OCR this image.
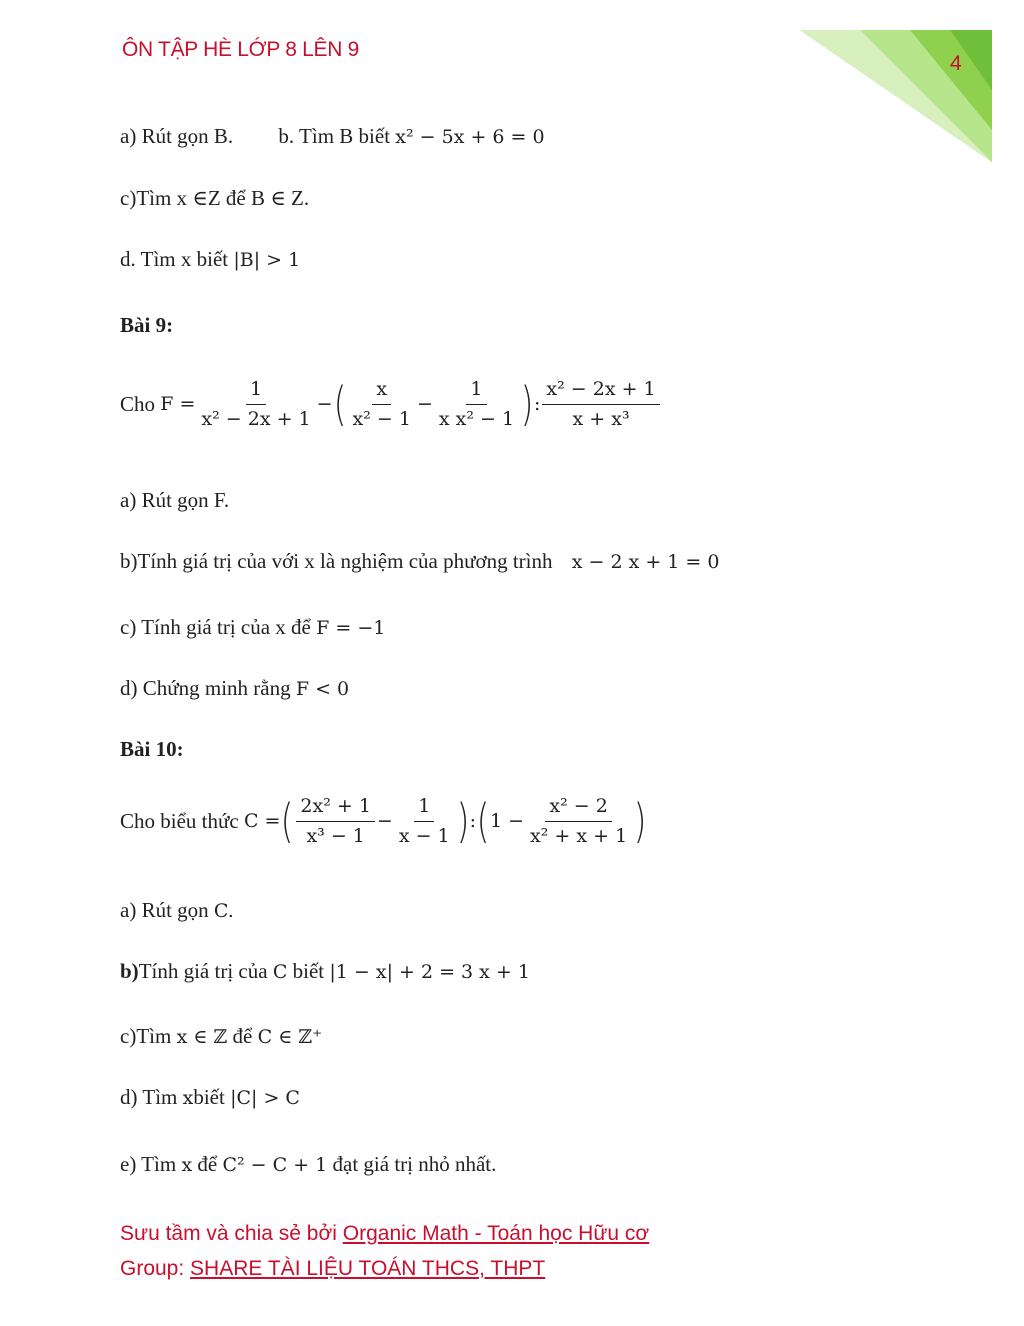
ÔN TẬP HÈ LỚP 8 LÊN 9
4
a) Rút gọn B. b. Tìm B biết x² − 5x + 6 = 0
c)Tìm x ∈Z để B ∈ Z.
d. Tìm x biết |B| > 1
Bài 9:
Cho
$F = \frac{1}{\text{x² − 2x + 1}}$ − ( $\frac{x}{\text{x² − 1}} - \frac{1}{\text{x x² − 1}}$ ) : $\frac{\text{x² − 2x + 1}}{\text{x + x³}}$
a) Rút gọn F.
b)Tính giá trị của với x là nghiệm của phương trình x − 2 x + 1 = 0
c) Tính giá trị của x để F = −1
d) Chứng minh rằng F < 0
Bài 10:
Cho biểu thức
C = ( $\frac{\text{2x² + 1}}{\text{x³ − 1}} - \frac{1}{x - 1}$ ) : ( $1 - \frac{\text{x² − 2}}{\text{x² + x + 1}}$ )
a) Rút gọn C.
b)Tính giá trị của C biết |1 − x| + 2 = 3 x + 1
c)Tìm x ∈ ℤ để C ∈ ℤ⁺
d) Tìm xbiết |C| > C
e) Tìm x để C² − C + 1 đạt giá trị nhỏ nhất.
Sưu tầm và chia sẻ bởi Organic Math - Toán học Hữu cơ
Group: SHARE TÀI LIỆU TOÁN THCS, THPT
